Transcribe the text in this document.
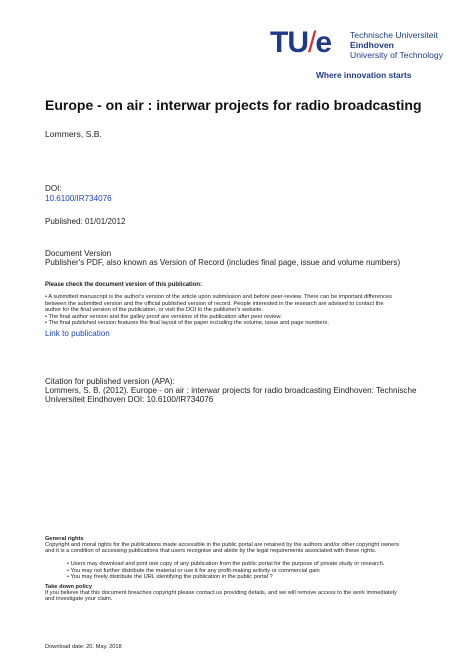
TU/e Technische Universiteit
Eindhoven
University of Technology
Where innovation starts
Europe - on air : interwar projects for radio broadcasting
Lommers, S.B.
DOI:
10.6100/IR734076
Published: 01/01/2012
Document Version
Publisher's PDF, also known as Version of Record (includes final page, issue and volume numbers)
Please check the document version of this publication:
• A submitted manuscript is the author's version of the article upon submission and before peer-review. There can be important differences
between the submitted version and the official published version of record. People interested in the research are advised to contact the
author for the final version of the publication, or visit the DOI to the publisher's website.
• The final author version and the galley proof are versions of the publication after peer review.
• The final published version features the final layout of the paper including the volume, issue and page numbers.
Link to publication
Citation for published version (APA):
Lommers, S. B. (2012). Europe - on air : interwar projects for radio broadcasting Eindhoven: Technische
Universiteit Eindhoven DOI: 10.6100/IR734076
General rights
Copyright and moral rights for the publications made accessible in the public portal are retained by the authors and/or other copyright owners
and it is a condition of accessing publications that users recognise and abide by the legal requirements associated with these rights.
• Users may download and print one copy of any publication from the public portal for the purpose of private study or research.
• You may not further distribute the material or use it for any profit-making activity or commercial gain
• You may freely distribute the URL identifying the publication in the public portal ?
Take down policy
If you believe that this document breaches copyright please contact us providing details, and we will remove access to the work immediately
and investigate your claim.
Download date: 20. May. 2018
